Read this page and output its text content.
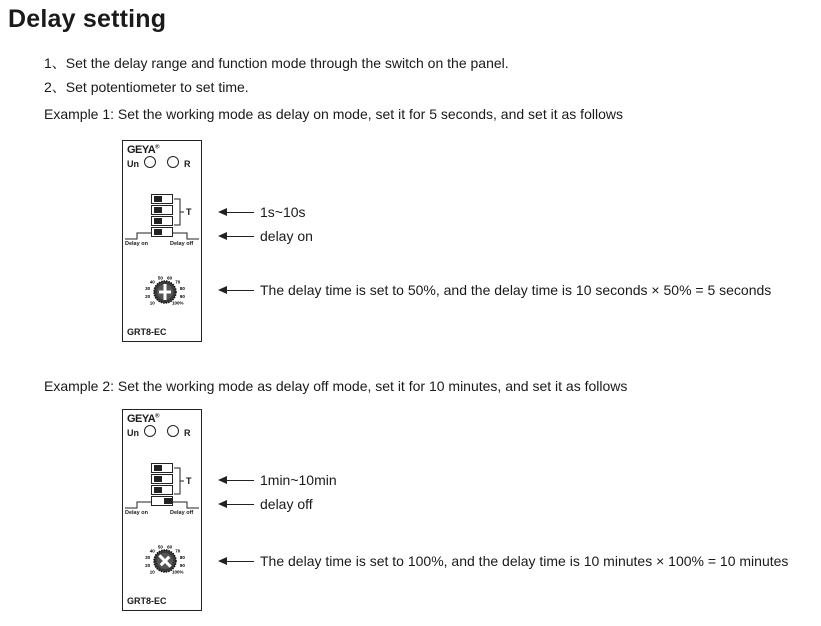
Delay setting
1、Set the delay range and function mode through the switch on the panel.
2、Set potentiometer to set time.
Example 1: Set the working mode as delay on mode, set it for 5 seconds, and set it as follows
GEYA®
Un	R
T
Delay on	Delay off
10
20
30
40
50 60
70
80
90
100%
GRT8-EC
1s~10s
delay on
The delay time is set to 50%, and the delay time is 10 seconds × 50% = 5 seconds
Example 2: Set the working mode as delay off mode, set it for 10 minutes, and set it as follows
GEYA®
Un	R
T
Delay on	Delay off
10
20
30
40
50 60
70
80
90
100%
GRT8-EC
1min~10min
delay off
The delay time is set to 100%, and the delay time is 10 minutes × 100% = 10 minutes
